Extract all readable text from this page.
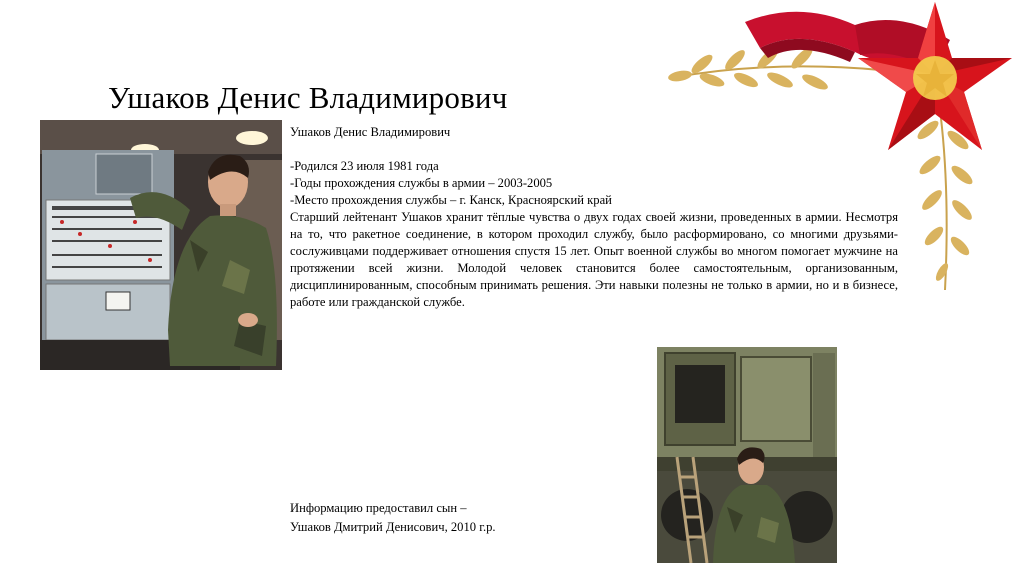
Ушаков Денис Владимирович
Ушаков Денис Владимирович
-Родился 23 июля 1981 года
-Годы прохождения службы в армии – 2003-2005
-Место прохождения службы – г. Канск, Красноярский край
Старший лейтенант Ушаков хранит тёплые чувства о двух годах своей жизни, проведенных в армии. Несмотря на то, что ракетное соединение, в котором проходил службу, было расформировано, со многими друзьями-сослуживцами поддерживает отношения спустя 15 лет. Опыт военной службы во многом помогает мужчине на протяжении всей жизни. Молодой человек становится более самостоятельным, организованным, дисциплинированным, способным принимать решения. Эти навыки полезны не только в армии, но и в бизнесе, работе или гражданской службе.
Информацию предоставил сын –
Ушаков Дмитрий Денисович, 2010 г.р.
